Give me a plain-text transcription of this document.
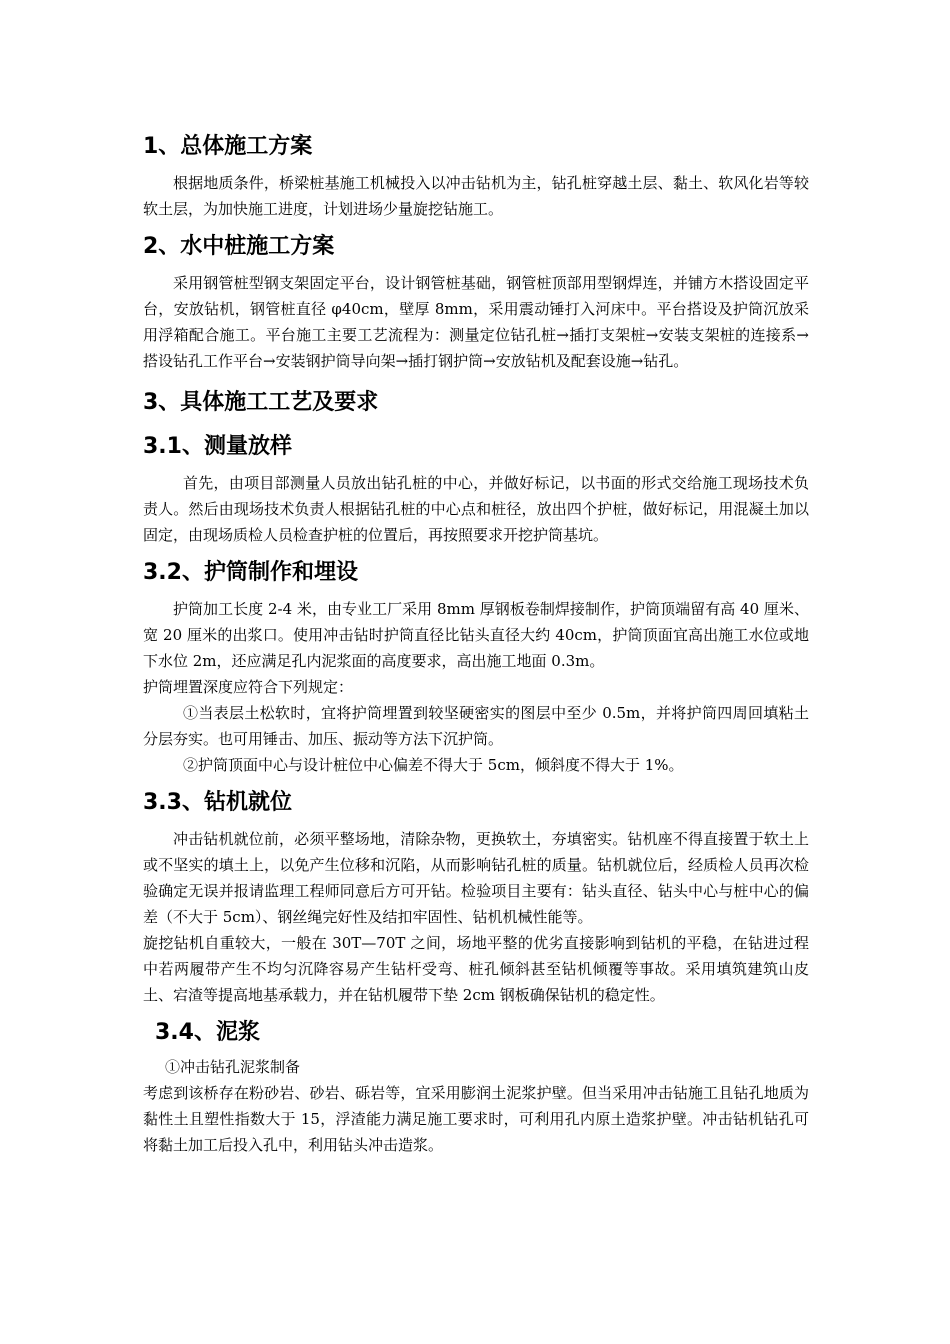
1、总体施工方案

根据地质条件，桥梁桩基施工机械投入以冲击钻机为主，钻孔桩穿越土层、黏土、软风化岩等较软土层，为加快施工进度，计划进场少量旋挖钻施工。

2、水中桩施工方案

采用钢管桩型钢支架固定平台，设计钢管桩基础，钢管桩顶部用型钢焊连，并铺方木搭设固定平台，安放钻机，钢管桩直径 φ40cm，壁厚 8mm，采用震动锤打入河床中。平台搭设及护筒沉放采用浮箱配合施工。平台施工主要工艺流程为：测量定位钻孔桩→插打支架桩→安装支架桩的连接系→搭设钻孔工作平台→安装钢护筒导向架→插打钢护筒→安放钻机及配套设施→钻孔。

3、具体施工工艺及要求
3.1、测量放样

首先，由项目部测量人员放出钻孔桩的中心，并做好标记，以书面的形式交给施工现场技术负责人。然后由现场技术负责人根据钻孔桩的中心点和桩径，放出四个护桩，做好标记，用混凝土加以固定，由现场质检人员检查护桩的位置后，再按照要求开挖护筒基坑。

3.2、护筒制作和埋设

护筒加工长度 2-4 米，由专业工厂采用 8mm 厚钢板卷制焊接制作，护筒顶端留有高 40 厘米、宽 20 厘米的出浆口。使用冲击钻时护筒直径比钻头直径大约 40cm，护筒顶面宜高出施工水位或地下水位 2m，还应满足孔内泥浆面的高度要求，高出施工地面 0.3m。

护筒埋置深度应符合下列规定：

①当表层土松软时，宜将护筒埋置到较坚硬密实的图层中至少 0.5m，并将护筒四周回填粘土分层夯实。也可用锤击、加压、振动等方法下沉护筒。

②护筒顶面中心与设计桩位中心偏差不得大于 5cm，倾斜度不得大于 1%。

3.3、钻机就位

冲击钻机就位前，必须平整场地，清除杂物，更换软土，夯填密实。钻机座不得直接置于软土上或不坚实的填土上，以免产生位移和沉陷，从而影响钻孔桩的质量。钻机就位后，经质检人员再次检验确定无误并报请监理工程师同意后方可开钻。检验项目主要有：钻头直径、钻头中心与桩中心的偏差（不大于 5cm）、钢丝绳完好性及结扣牢固性、钻机机械性能等。

旋挖钻机自重较大，一般在 30T—70T 之间，场地平整的优劣直接影响到钻机的平稳，在钻进过程中若两履带产生不均匀沉降容易产生钻杆受弯、桩孔倾斜甚至钻机倾覆等事故。采用填筑建筑山皮土、宕渣等提高地基承载力，并在钻机履带下垫 2cm 钢板确保钻机的稳定性。

3.4、泥浆

①冲击钻孔泥浆制备

考虑到该桥存在粉砂岩、砂岩、砾岩等，宜采用膨润土泥浆护壁。但当采用冲击钻施工且钻孔地质为黏性土且塑性指数大于 15，浮渣能力满足施工要求时，可利用孔内原土造浆护壁。冲击钻机钻孔可将黏土加工后投入孔中，利用钻头冲击造浆。
